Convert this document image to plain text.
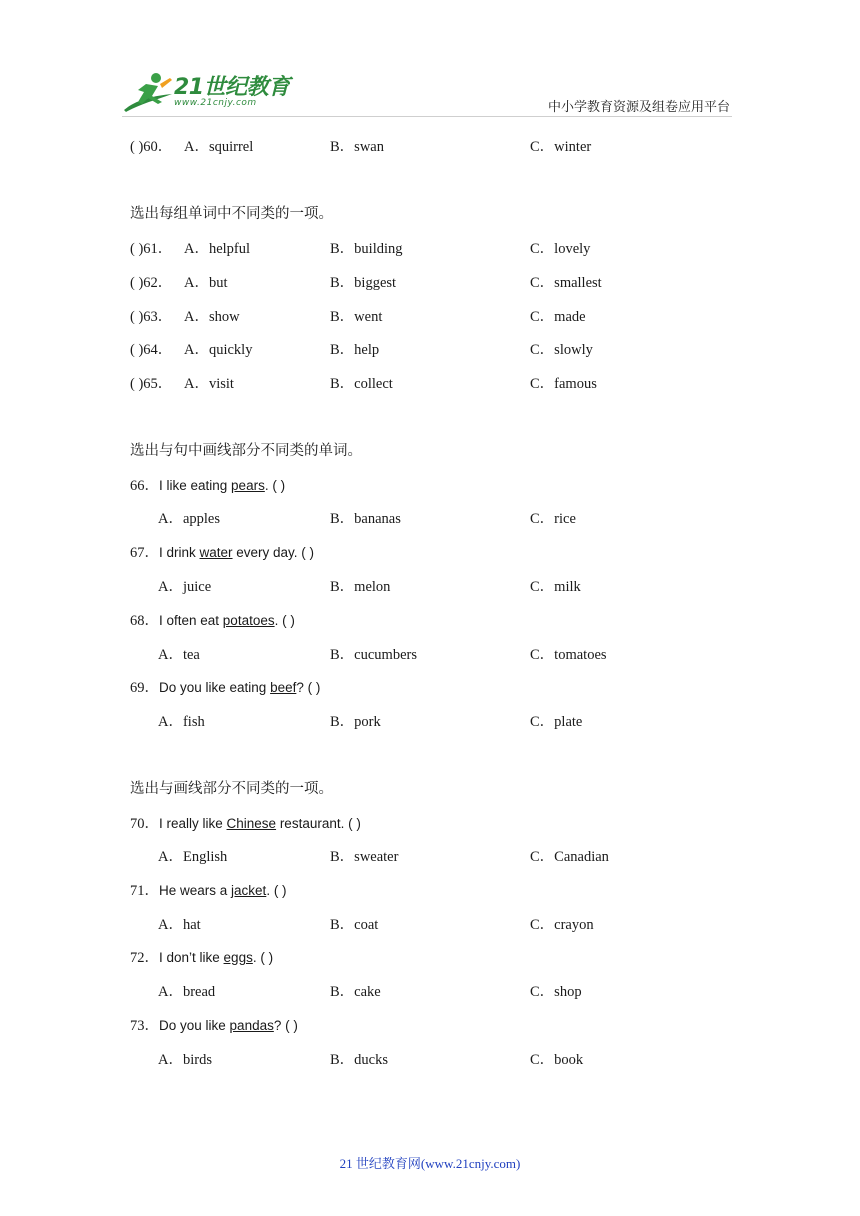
21世纪教育
www.21cnjy.com	中小学教育资源及组卷应用平台
( )60． A．squirrel	B．swan	C．winter
选出每组单词中不同类的一项。
( )61． A．helpful	B．building	C．lovely
( )62． A．but	B．biggest	C．smallest
( )63． A．show	B．went	C．made
( )64． A．quickly	B．help	C．slowly
( )65． A．visit	B．collect	C．famous
选出与句中画线部分不同类的单词。
66．I like eating pears. ( )
A．apples	B．bananas	C．rice
67．I drink water every day. ( )
A．juice	B．melon	C．milk
68．I often eat potatoes. ( )
A．tea	B．cucumbers	C．tomatoes
69．Do you like eating beef? ( )
A．fish	B．pork	C．plate
选出与画线部分不同类的一项。
70．I really like Chinese restaurant. ( )
A．English	B．sweater	C．Canadian
71．He wears a jacket. ( )
A．hat	B．coat	C．crayon
72．I don’t like eggs. ( )
A．bread	B．cake	C．shop
73．Do you like pandas? ( )
A．birds	B．ducks	C．book
21 世纪教育网(www.21cnjy.com)
